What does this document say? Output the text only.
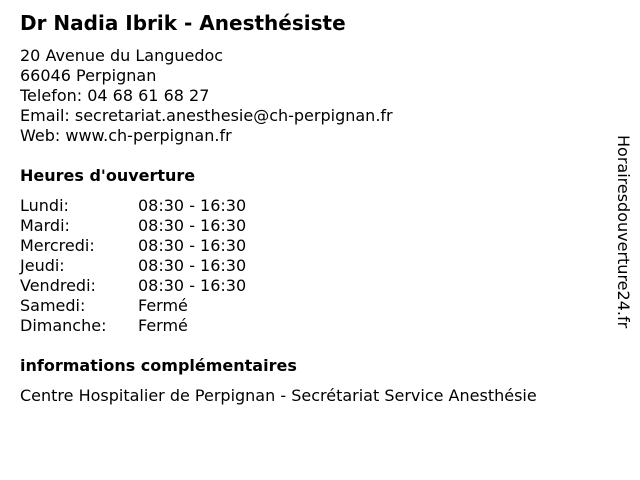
Dr Nadia Ibrik - Anesthésiste
20 Avenue du Languedoc
66046 Perpignan
Telefon: 04 68 61 68 27
Email: secretariat.anesthesie@ch-perpignan.fr
Web: www.ch-perpignan.fr
Heures d'ouverture
Lundi:	08:30 - 16:30
Mardi:	08:30 - 16:30
Mercredi:	08:30 - 16:30
Jeudi:	08:30 - 16:30
Vendredi:	08:30 - 16:30
Samedi:	Fermé
Dimanche:	Fermé
informations complémentaires
Centre Hospitalier de Perpignan - Secrétariat Service Anesthésie
Horairesdouverture24.fr
